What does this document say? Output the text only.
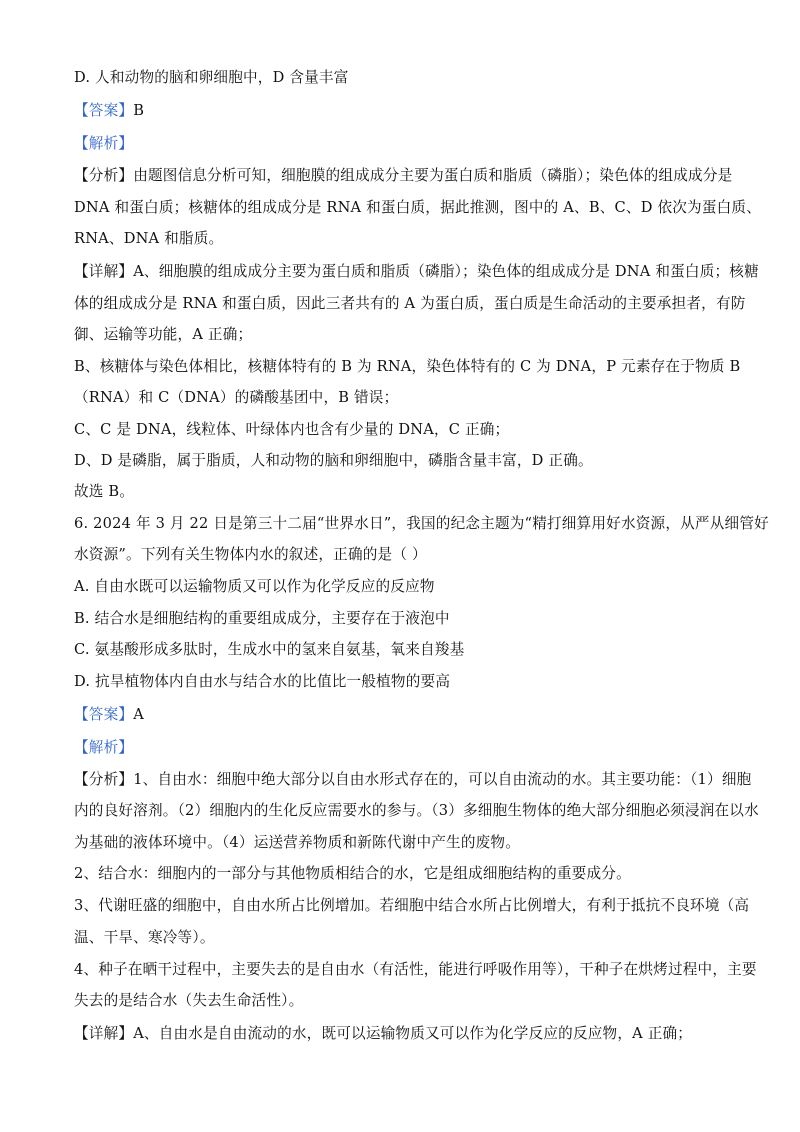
D. 人和动物的脑和卵细胞中，D 含量丰富
【答案】B
【解析】
【分析】由题图信息分析可知，细胞膜的组成成分主要为蛋白质和脂质（磷脂）；染色体的组成成分是
DNA 和蛋白质；核糖体的组成成分是 RNA 和蛋白质，据此推测，图中的 A、B、C、D 依次为蛋白质、
RNA、DNA 和脂质。
【详解】A、细胞膜的组成成分主要为蛋白质和脂质（磷脂）；染色体的组成成分是 DNA 和蛋白质；核糖
体的组成成分是 RNA 和蛋白质，因此三者共有的 A 为蛋白质，蛋白质是生命活动的主要承担者，有防
御、运输等功能，A 正确；
B、核糖体与染色体相比，核糖体特有的 B 为 RNA，染色体特有的 C 为 DNA，P 元素存在于物质 B
（RNA）和 C（DNA）的磷酸基团中，B 错误；
C、C 是 DNA，线粒体、叶绿体内也含有少量的 DNA，C 正确；
D、D 是磷脂，属于脂质，人和动物的脑和卵细胞中，磷脂含量丰富，D 正确。
故选 B。
6. 2024 年 3 月 22 日是第三十二届“世界水日”，我国的纪念主题为“精打细算用好水资源，从严从细管好
水资源”。下列有关生物体内水的叙述，正确的是（ ）
A. 自由水既可以运输物质又可以作为化学反应的反应物
B. 结合水是细胞结构的重要组成成分，主要存在于液泡中
C. 氨基酸形成多肽时，生成水中的氢来自氨基，氧来自羧基
D. 抗旱植物体内自由水与结合水的比值比一般植物的要高
【答案】A
【解析】
【分析】1、自由水：细胞中绝大部分以自由水形式存在的，可以自由流动的水。其主要功能：（1）细胞
内的良好溶剂。（2）细胞内的生化反应需要水的参与。（3）多细胞生物体的绝大部分细胞必须浸润在以水
为基础的液体环境中。（4）运送营养物质和新陈代谢中产生的废物。
2、结合水：细胞内的一部分与其他物质相结合的水，它是组成细胞结构的重要成分。
3、代谢旺盛的细胞中，自由水所占比例增加。若细胞中结合水所占比例增大，有利于抵抗不良环境（高
温、干旱、寒冷等）。
4、种子在晒干过程中，主要失去的是自由水（有活性，能进行呼吸作用等），干种子在烘烤过程中，主要
失去的是结合水（失去生命活性）。
【详解】A、自由水是自由流动的水，既可以运输物质又可以作为化学反应的反应物，A 正确；
